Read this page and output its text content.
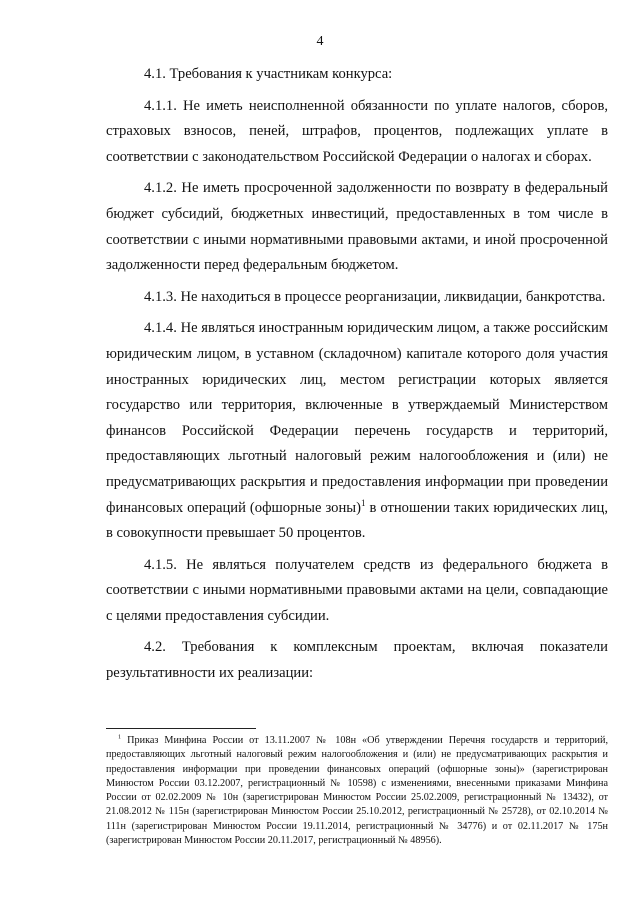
4

4.1. Требования к участникам конкурса:

4.1.1. Не иметь неисполненной обязанности по уплате налогов, сборов, страховых взносов, пеней, штрафов, процентов, подлежащих уплате в соответствии с законодательством Российской Федерации о налогах и сборах.

4.1.2. Не иметь просроченной задолженности по возврату в федеральный бюджет субсидий, бюджетных инвестиций, предоставленных в том числе в соответствии с иными нормативными правовыми актами, и иной просроченной задолженности перед федеральным бюджетом.

4.1.3. Не находиться в процессе реорганизации, ликвидации, банкротства.

4.1.4. Не являться иностранным юридическим лицом, а также российским юридическим лицом, в уставном (складочном) капитале которого доля участия иностранных юридических лиц, местом регистрации которых является государство или территория, включенные в утверждаемый Министерством финансов Российской Федерации перечень государств и территорий, предоставляющих льготный налоговый режим налогообложения и (или) не предусматривающих раскрытия и предоставления информации при проведении финансовых операций (офшорные зоны)$^1$ в отношении таких юридических лиц, в совокупности превышает 50 процентов.

4.1.5. Не являться получателем средств из федерального бюджета в соответствии с иными нормативными правовыми актами на цели, совпадающие с целями предоставления субсидии.

4.2. Требования к комплексным проектам, включая показатели результативности их реализации:

$^1$ Приказ Минфина России от 13.11.2007 № 108н «Об утверждении Перечня государств и территорий, предоставляющих льготный налоговый режим налогообложения и (или) не предусматривающих раскрытия и предоставления информации при проведении финансовых операций (офшорные зоны)» (зарегистрирован Минюстом России 03.12.2007, регистрационный № 10598) с изменениями, внесенными приказами Минфина России от 02.02.2009 № 10н (зарегистрирован Минюстом России 25.02.2009, регистрационный № 13432), от 21.08.2012 № 115н (зарегистрирован Минюстом России 25.10.2012, регистрационный № 25728), от 02.10.2014 № 111н (зарегистрирован Минюстом России 19.11.2014, регистрационный № 34776) и от 02.11.2017 № 175н (зарегистрирован Минюстом России 20.11.2017, регистрационный № 48956).
